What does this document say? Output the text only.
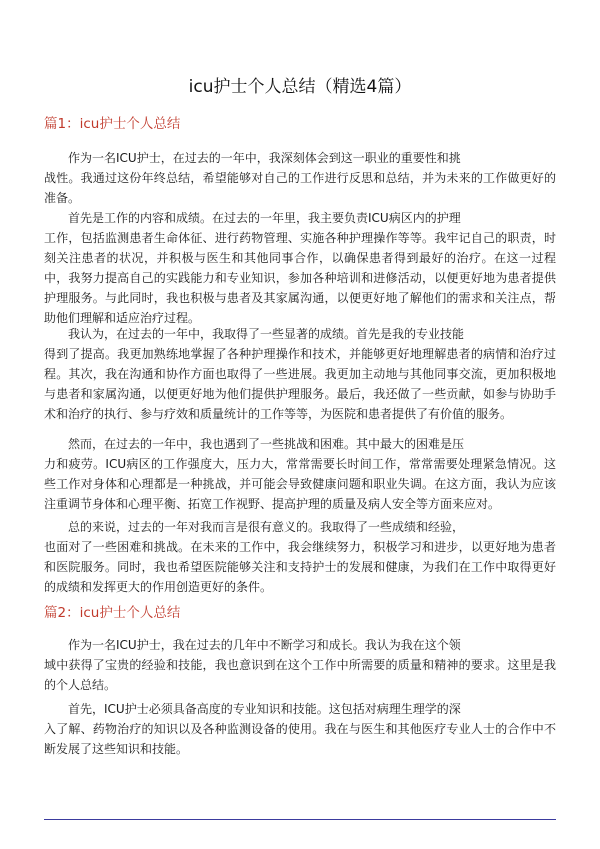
icu护士个人总结（精选4篇）
篇1：icu护士个人总结

作为一名ICU护士，在过去的一年中，我深刻体会到这一职业的重要性和挑
战性。我通过这份年终总结，希望能够对自己的工作进行反思和总结，并为未来的工作做更好的准备。

首先是工作的内容和成绩。在过去的一年里，我主要负责ICU病区内的护理
工作，包括监测患者生命体征、进行药物管理、实施各种护理操作等等。我牢记自己的职责，时刻关注患者的状况，并积极与医生和其他同事合作，以确保患者得到最好的治疗。在这一过程中，我努力提高自己的实践能力和专业知识，参加各种培训和进修活动，以便更好地为患者提供护理服务。与此同时，我也积极与患者及其家属沟通，以便更好地了解他们的需求和关注点，帮助他们理解和适应治疗过程。

我认为，在过去的一年中，我取得了一些显著的成绩。首先是我的专业技能
得到了提高。我更加熟练地掌握了各种护理操作和技术，并能够更好地理解患者的病情和治疗过程。其次，我在沟通和协作方面也取得了一些进展。我更加主动地与其他同事交流，更加积极地与患者和家属沟通，以便更好地为他们提供护理服务。最后，我还做了一些贡献，如参与协助手术和治疗的执行、参与疗效和质量统计的工作等等，为医院和患者提供了有价值的服务。

然而，在过去的一年中，我也遇到了一些挑战和困难。其中最大的困难是压
力和疲劳。ICU病区的工作强度大，压力大，常常需要长时间工作，常常需要处理紧急情况。这些工作对身体和心理都是一种挑战，并可能会导致健康问题和职业失调。在这方面，我认为应该注重调节身体和心理平衡、拓宽工作视野、提高护理的质量及病人安全等方面来应对。

总的来说，过去的一年对我而言是很有意义的。我取得了一些成绩和经验，
也面对了一些困难和挑战。在未来的工作中，我会继续努力，积极学习和进步，以更好地为患者和医院服务。同时，我也希望医院能够关注和支持护士的发展和健康，为我们在工作中取得更好的成绩和发挥更大的作用创造更好的条件。

篇2：icu护士个人总结

作为一名ICU护士，我在过去的几年中不断学习和成长。我认为我在这个领
域中获得了宝贵的经验和技能，我也意识到在这个工作中所需要的质量和精神的要求。这里是我的个人总结。

首先，ICU护士必须具备高度的专业知识和技能。这包括对病理生理学的深
入了解、药物治疗的知识以及各种监测设备的使用。我在与医生和其他医疗专业人士的合作中不断发展了这些知识和技能。
